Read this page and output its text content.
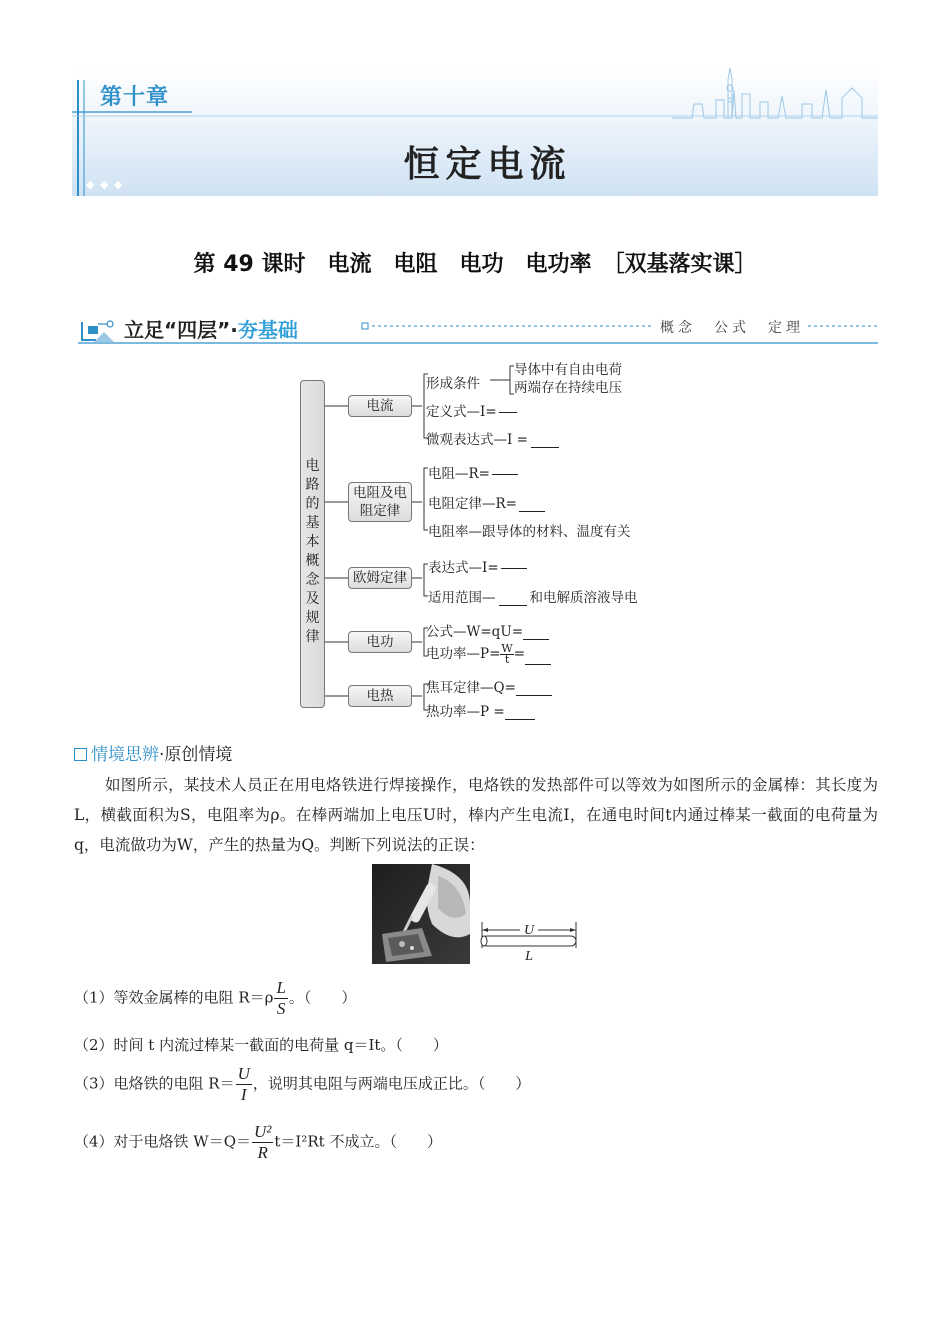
第十章
恒定电流
◆ ◆ ◆
第 49 课时　电流　电阻　电功　电功率　［双基落实课］
立足“四层”·夯基础	概念　公式　定理
电
路
的
基
本
概
念
及
规
律
电流
电阻及电阻定律
欧姆定律
电功
电热
形成条件
导体中有自由电荷
两端存在持续电压
定义式—I=

微观表达式—I =
电阻—R=

电阻定律—R=
电阻率—跟导体的材料、温度有关
表达式—I=

适用范围—	和电解质溶液导电
公式—W=qU=
电功率—P= $\frac{W}{t}$ =
焦耳定律—Q=
热功率—P =
情境思辨·原创情境
如图所示，某技术人员正在用电烙铁进行焊接操作，电烙铁的发热部件可以等效为如图所示的金属棒：其长度为L，横截面积为S，电阻率为ρ。在棒两端加上电压U时，棒内产生电流I，在通电时间t内通过棒某一截面的电荷量为q，电流做功为W，产生的热量为Q。判断下列说法的正误：
U
L
（1）等效金属棒的电阻 $R=\rho \frac{L}{S}$ 。（　　）
（2）时间 t 内流过棒某一截面的电荷量 q＝It。（　　）
（3）电烙铁的电阻 $R= \frac{U}{I}$ ，说明其电阻与两端电压成正比。（　　）
（4）对于电烙铁 $W=Q= \frac{\text{U²}}{R} t=I^2Rt$ 不成立。（　　）
